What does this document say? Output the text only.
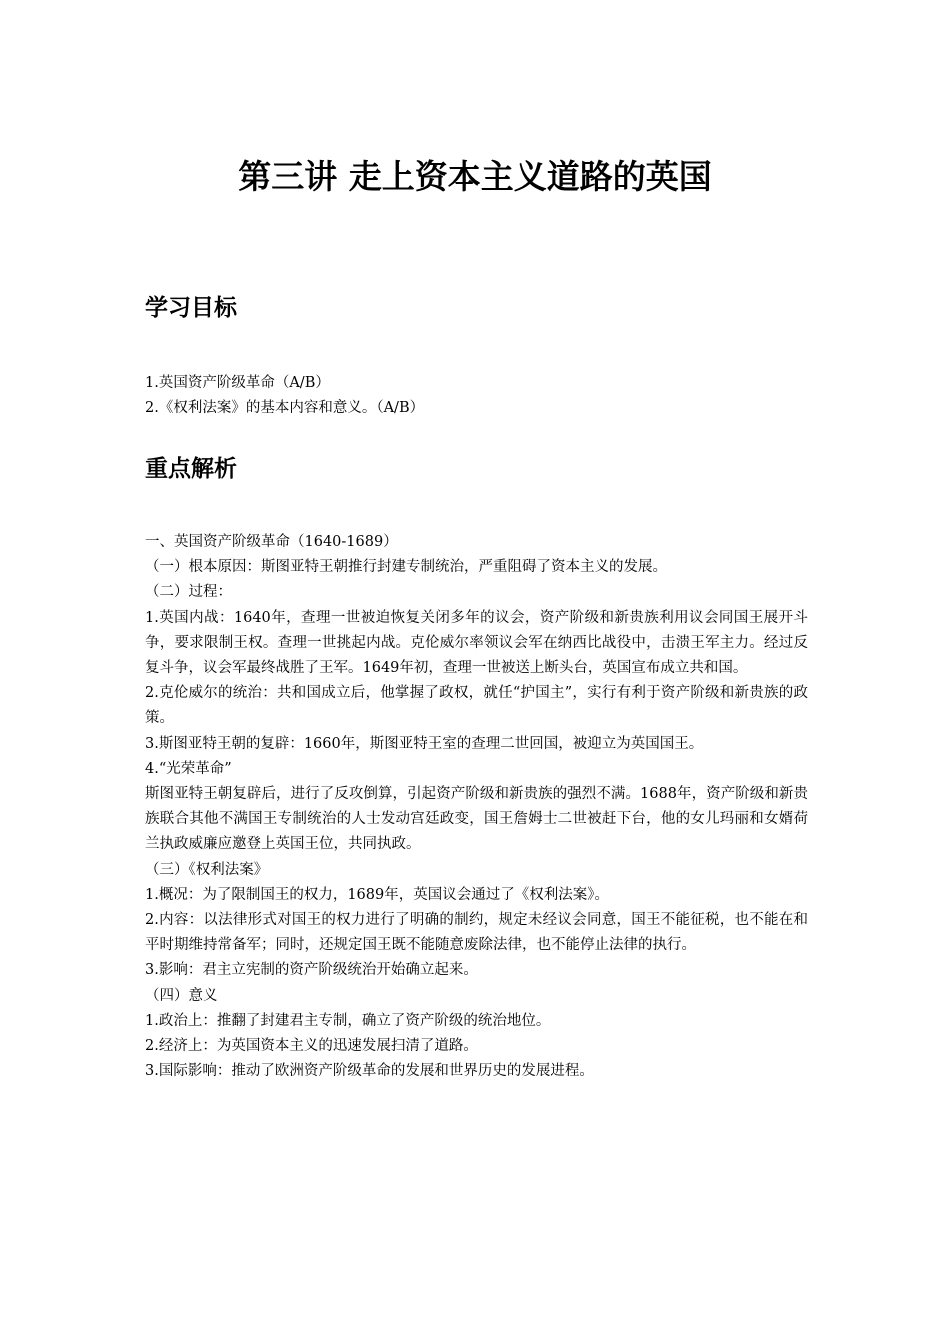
第三讲 走上资本主义道路的英国
学习目标
1.英国资产阶级革命（A/B）
2.《权利法案》的基本内容和意义。（A/B）
重点解析
一、英国资产阶级革命（1640-1689）
（一）根本原因：斯图亚特王朝推行封建专制统治，严重阻碍了资本主义的发展。
（二）过程：
1.英国内战：1640年，查理一世被迫恢复关闭多年的议会，资产阶级和新贵族利用议会同国王展开斗争，要求限制王权。查理一世挑起内战。克伦威尔率领议会军在纳西比战役中，击溃王军主力。经过反复斗争，议会军最终战胜了王军。1649年初，查理一世被送上断头台，英国宣布成立共和国。
2.克伦威尔的统治：共和国成立后，他掌握了政权，就任“护国主”，实行有利于资产阶级和新贵族的政策。
3.斯图亚特王朝的复辟：1660年，斯图亚特王室的查理二世回国，被迎立为英国国王。
4.“光荣革命”
斯图亚特王朝复辟后，进行了反攻倒算，引起资产阶级和新贵族的强烈不满。1688年，资产阶级和新贵族联合其他不满国王专制统治的人士发动宫廷政变，国王詹姆士二世被赶下台，他的女儿玛丽和女婿荷兰执政威廉应邀登上英国王位，共同执政。
（三）《权利法案》
1.概况：为了限制国王的权力，1689年，英国议会通过了《权利法案》。
2.内容：以法律形式对国王的权力进行了明确的制约，规定未经议会同意，国王不能征税，也不能在和平时期维持常备军；同时，还规定国王既不能随意废除法律，也不能停止法律的执行。
3.影响：君主立宪制的资产阶级统治开始确立起来。
（四）意义
1.政治上：推翻了封建君主专制，确立了资产阶级的统治地位。
2.经济上：为英国资本主义的迅速发展扫清了道路。
3.国际影响：推动了欧洲资产阶级革命的发展和世界历史的发展进程。
